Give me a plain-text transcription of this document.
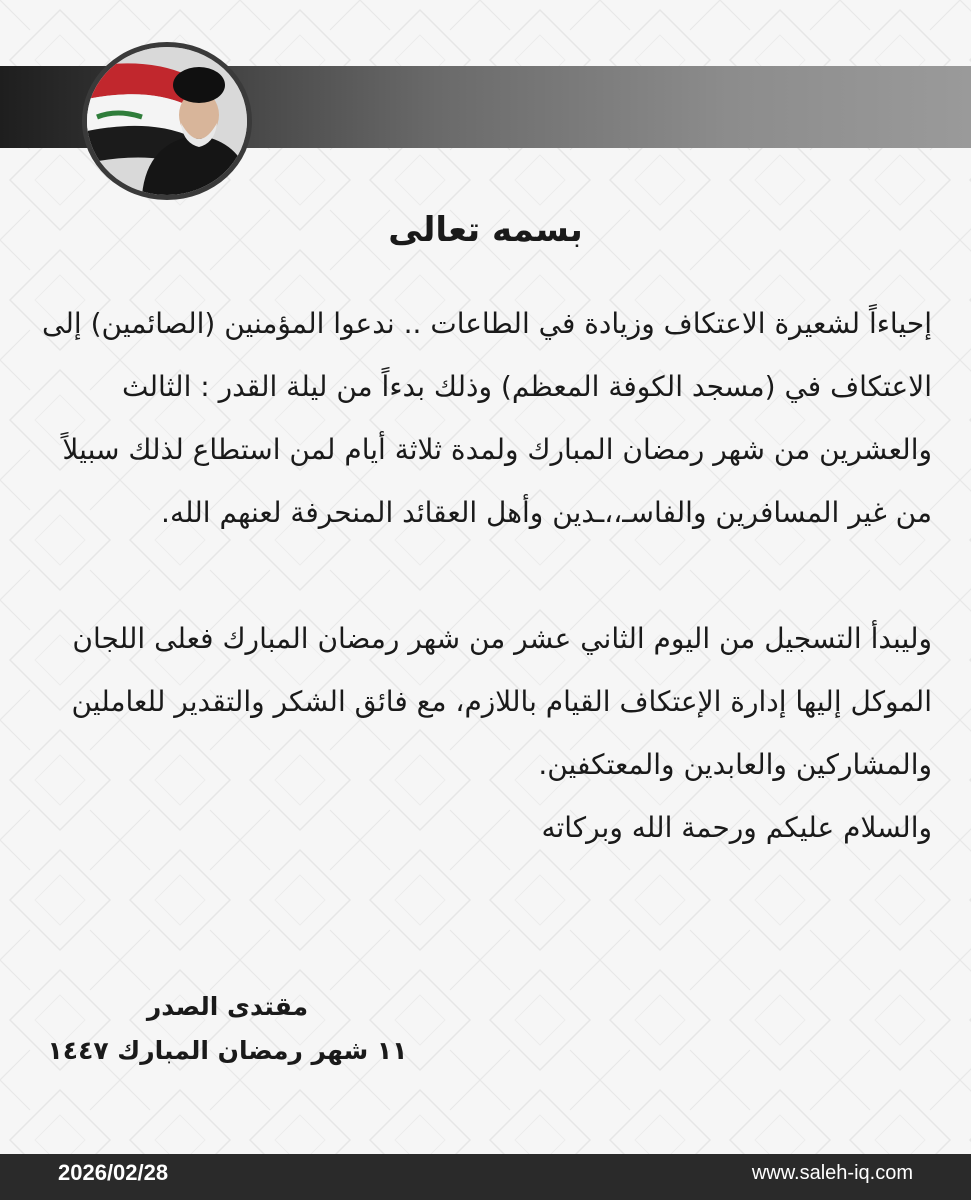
بسمه تعالى

إحياءاً لشعيرة الاعتكاف وزيادة في الطاعات .. ندعوا المؤمنين (الصائمين) إلى الاعتكاف في (مسجد الكوفة المعظم) وذلك بدءاً من ليلة القدر : الثالث والعشرين من شهر رمضان المبارك ولمدة ثلاثة أيام لمن استطاع لذلك سبيلاً من غير المسافرين والفاسـ،،ـدين وأهل العقائد المنحرفة لعنهم الله.

وليبدأ التسجيل من اليوم الثاني عشر من شهر رمضان المبارك فعلى اللجان الموكل إليها إدارة الإعتكاف القيام باللازم، مع فائق الشكر والتقدير للعاملين والمشاركين والعابدين والمعتكفين.

والسلام عليكم ورحمة الله وبركاته

مقتدى الصدر
١١ شهر رمضان المبارك ١٤٤٧
2026/02/28	www.saleh-iq.com
